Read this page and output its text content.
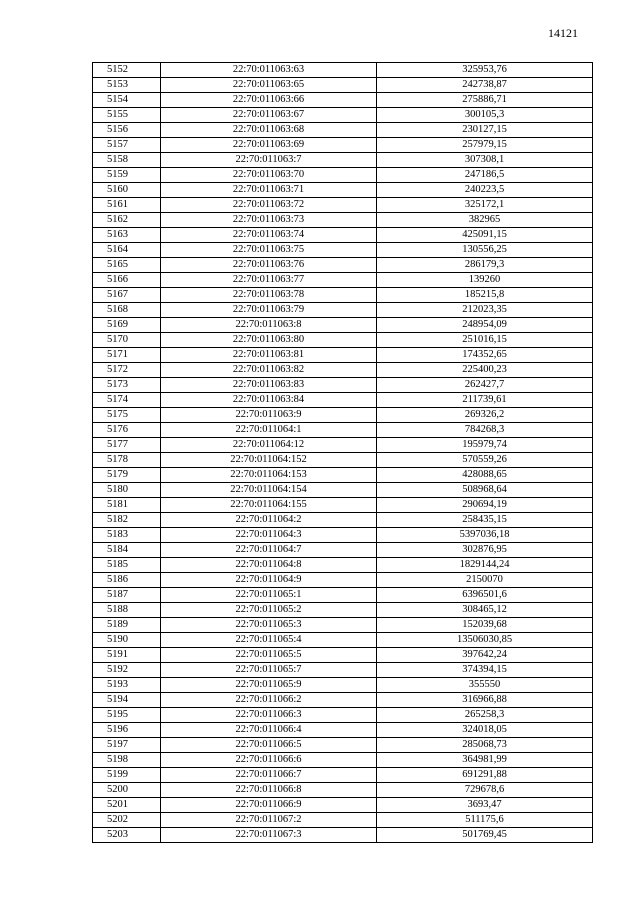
14121
5152	22:70:011063:63	325953,76
5153	22:70:011063:65	242738,87
5154	22:70:011063:66	275886,71
5155	22:70:011063:67	300105,3
5156	22:70:011063:68	230127,15
5157	22:70:011063:69	257979,15
5158	22:70:011063:7	307308,1
5159	22:70:011063:70	247186,5
5160	22:70:011063:71	240223,5
5161	22:70:011063:72	325172,1
5162	22:70:011063:73	382965
5163	22:70:011063:74	425091,15
5164	22:70:011063:75	130556,25
5165	22:70:011063:76	286179,3
5166	22:70:011063:77	139260
5167	22:70:011063:78	185215,8
5168	22:70:011063:79	212023,35
5169	22:70:011063:8	248954,09
5170	22:70:011063:80	251016,15
5171	22:70:011063:81	174352,65
5172	22:70:011063:82	225400,23
5173	22:70:011063:83	262427,7
5174	22:70:011063:84	211739,61
5175	22:70:011063:9	269326,2
5176	22:70:011064:1	784268,3
5177	22:70:011064:12	195979,74
5178	22:70:011064:152	570559,26
5179	22:70:011064:153	428088,65
5180	22:70:011064:154	508968,64
5181	22:70:011064:155	290694,19
5182	22:70:011064:2	258435,15
5183	22:70:011064:3	5397036,18
5184	22:70:011064:7	302876,95
5185	22:70:011064:8	1829144,24
5186	22:70:011064:9	2150070
5187	22:70:011065:1	6396501,6
5188	22:70:011065:2	308465,12
5189	22:70:011065:3	152039,68
5190	22:70:011065:4	13506030,85
5191	22:70:011065:5	397642,24
5192	22:70:011065:7	374394,15
5193	22:70:011065:9	355550
5194	22:70:011066:2	316966,88
5195	22:70:011066:3	265258,3
5196	22:70:011066:4	324018,05
5197	22:70:011066:5	285068,73
5198	22:70:011066:6	364981,99
5199	22:70:011066:7	691291,88
5200	22:70:011066:8	729678,6
5201	22:70:011066:9	3693,47
5202	22:70:011067:2	511175,6
5203	22:70:011067:3	501769,45
